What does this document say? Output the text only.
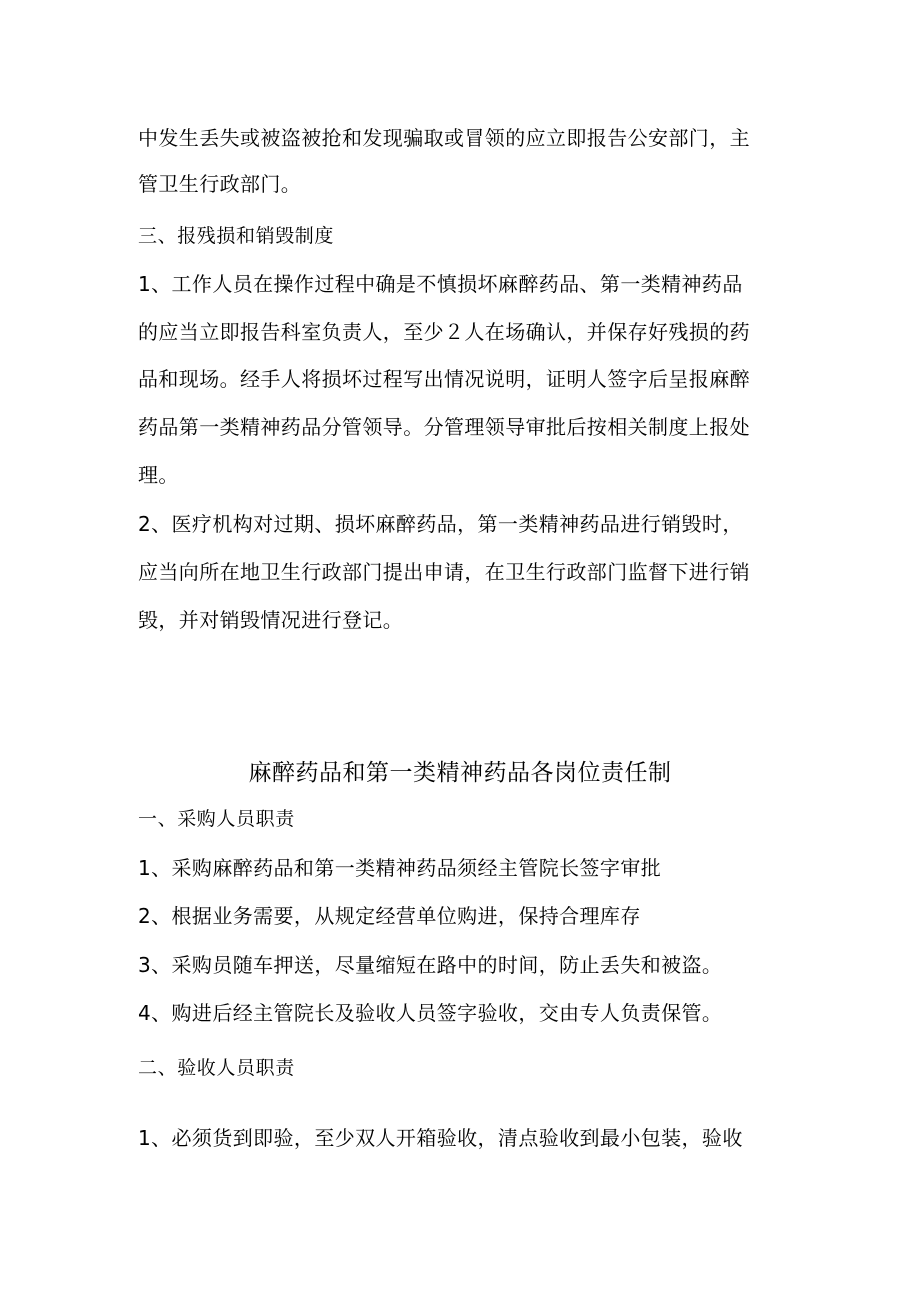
中发生丢失或被盗被抢和发现骗取或冒领的应立即报告公安部门，主
管卫生行政部门。
三、报残损和销毁制度
1、工作人员在操作过程中确是不慎损坏麻醉药品、第一类精神药品
的应当立即报告科室负责人，至少２人在场确认，并保存好残损的药
品和现场。经手人将损坏过程写出情况说明，证明人签字后呈报麻醉
药品第一类精神药品分管领导。分管理领导审批后按相关制度上报处
理。
2、医疗机构对过期、损坏麻醉药品，第一类精神药品进行销毁时，
应当向所在地卫生行政部门提出申请，在卫生行政部门监督下进行销
毁，并对销毁情况进行登记。
麻醉药品和第一类精神药品各岗位责任制
一、采购人员职责
1、采购麻醉药品和第一类精神药品须经主管院长签字审批
2、根据业务需要，从规定经营单位购进，保持合理库存
3、采购员随车押送，尽量缩短在路中的时间，防止丢失和被盗。
4、购进后经主管院长及验收人员签字验收，交由专人负责保管。
二、验收人员职责
1、必须货到即验，至少双人开箱验收，清点验收到最小包装，验收
